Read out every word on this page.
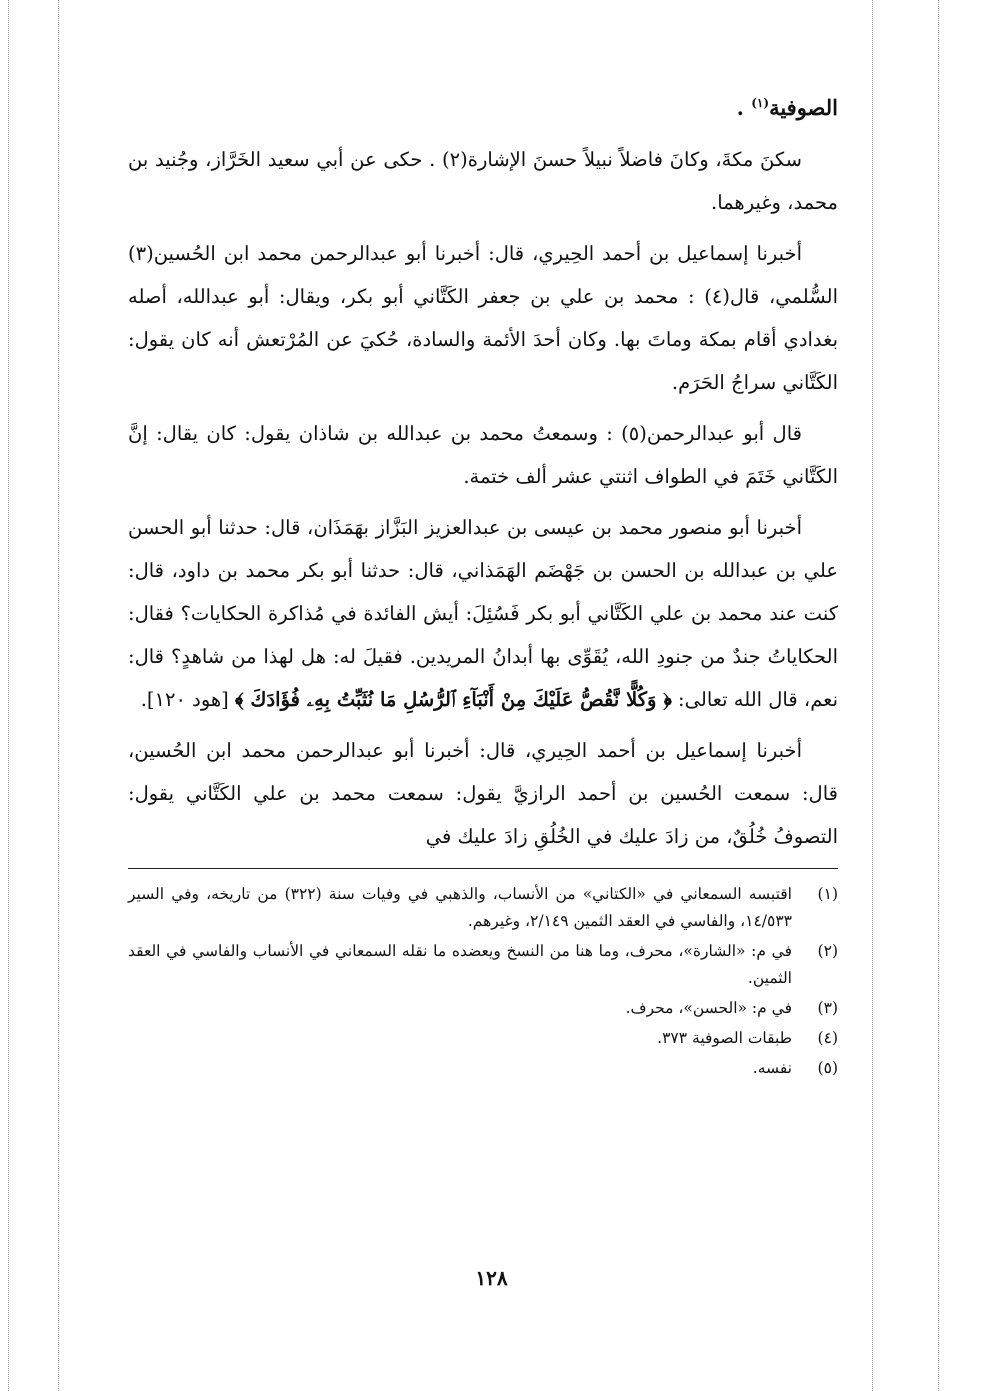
الصوفية$^{(١)}$ .

سكنَ مكةَ، وكانَ فاضلاً نبيلاً حسنَ الإشارة(٢) . حكى عن أبي سعيد الخَرَّاز، وجُنيد بن محمد، وغيرهما.

أخبرنا إسماعيل بن أحمد الحِيري، قال: أخبرنا أبو عبدالرحمن محمد ابن الحُسين(٣) السُّلمي، قال(٤) : محمد بن علي بن جعفر الكَتَّاني أبو بكر، ويقال: أبو عبدالله، أصله بغدادي أقام بمكة وماتَ بها. وكان أحدَ الأئمة والسادة، حُكيَ عن المُرْتعش أنه كان يقول: الكَتَّاني سراجُ الحَرَم.

قال أبو عبدالرحمن(٥) : وسمعتُ محمد بن عبدالله بن شاذان يقول: كان يقال: إنَّ الكَتَّاني خَتَمَ في الطواف اثنتي عشر ألف ختمة.

أخبرنا أبو منصور محمد بن عيسى بن عبدالعزيز البَزَّاز بهَمَذَان، قال: حدثنا أبو الحسن علي بن عبدالله بن الحسن بن جَهْضَم الهَمَذاني، قال: حدثنا أبو بكر محمد بن داود، قال: كنت عند محمد بن علي الكَتَّاني أبو بكر فَسُئِلَ: أيش الفائدة في مُذاكرة الحكايات؟ فقال: الحكاياتُ جندٌ من جنودِ الله، يُقَوِّى بها أبدانُ المريدين. فقيلَ له: هل لهذا من شاهدٍ؟ قال: نعم، قال الله تعالى: ﴿ وَكُلًّا نَّقُصُّ عَلَيْكَ مِنْ أَنْبَآءِ ٱلرُّسُلِ مَا نُثَبِّتُ بِهِۦ فُؤَادَكَ ﴾ [هود ١٢٠].

أخبرنا إسماعيل بن أحمد الحِيري، قال: أخبرنا أبو عبدالرحمن محمد ابن الحُسين، قال: سمعت الحُسين بن أحمد الرازيَّ يقول: سمعت محمد بن علي الكَتَّاني يقول: التصوفُ خُلُقٌ، من زادَ عليك في الخُلُقِ زادَ عليك في

(١)
اقتبسه السمعاني في «الكتاني» من الأنساب، والذهبي في وفيات سنة (٣٢٢) من تاريخه، وفي السير ١٤/٥٣٣، والفاسي في العقد الثمين ٢/١٤٩، وغيرهم.
(٢)
في م: «الشارة»، محرف، وما هنا من النسخ ويعضده ما نقله السمعاني في الأنساب والفاسي في العقد الثمين.
(٣)
في م: «الحسن»، محرف.
(٤)
طبقات الصوفية ٣٧٣.
(٥)
نفسه.
١٢٨
